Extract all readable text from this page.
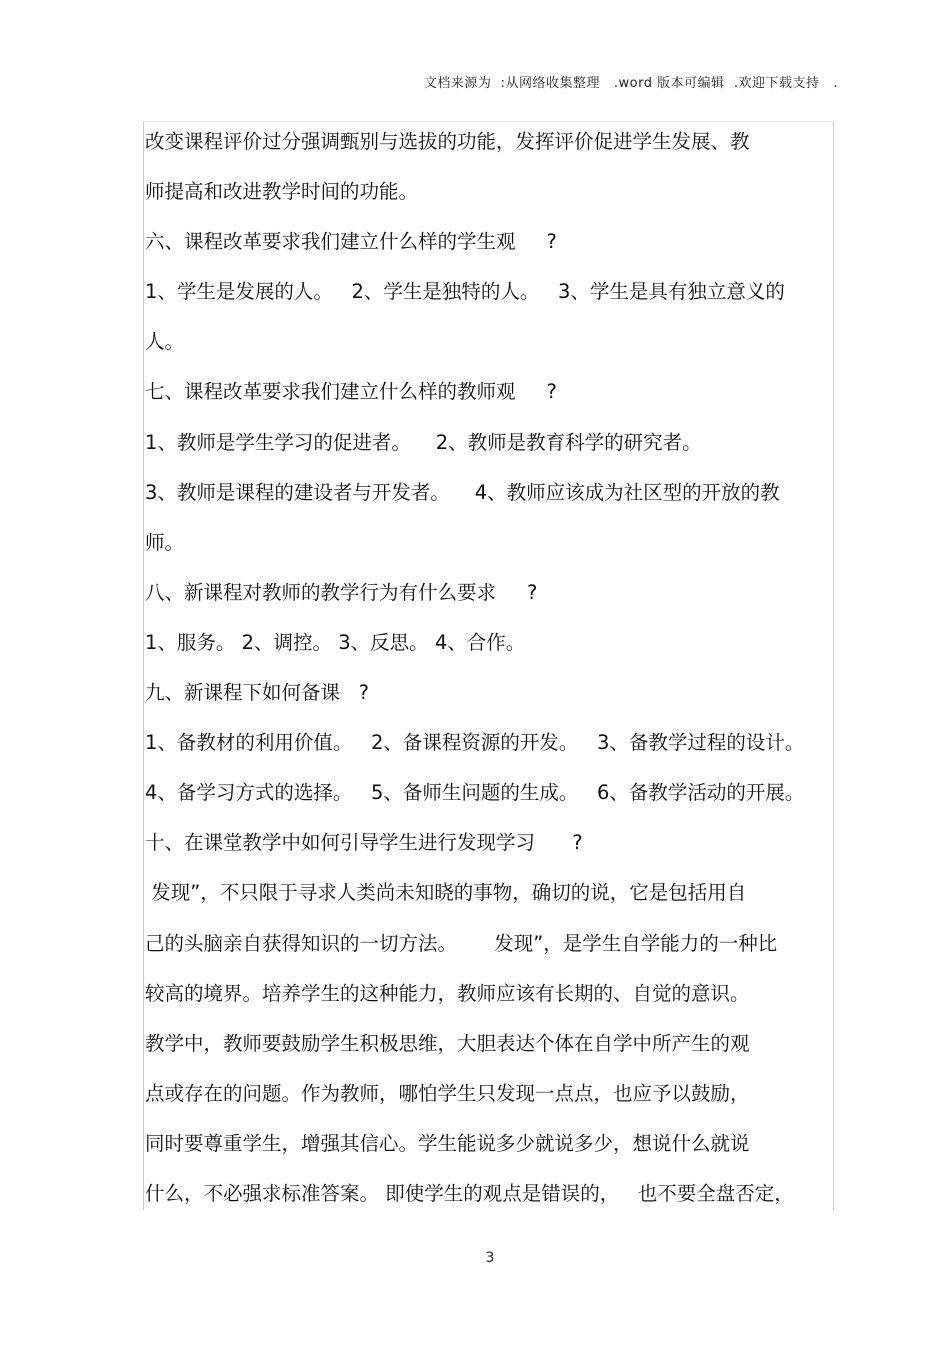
文档来源为  :从网络收集整理   .word 版本可编辑  .欢迎下载支持   .
改变课程评价过分强调甄别与选拔的功能，发挥评价促进学生发展、教
师提高和改进教学时间的功能。
六、课程改革要求我们建立什么样的学生观     ?
1、学生是发展的人。   2、学生是独特的人。   3、学生是具有独立意义的
人。
七、课程改革要求我们建立什么样的教师观     ?
1、教师是学生学习的促进者。    2、教师是教育科学的研究者。
3、教师是课程的建设者与开发者。    4、教师应该成为社区型的开放的教
师。
八、新课程对教师的教学行为有什么要求     ?
1、服务。 2、调控。 3、反思。 4、合作。
九、新课程下如何备课   ?
1、备教材的利用价值。   2、备课程资源的开发。   3、备教学过程的设计。
4、备学习方式的选择。   5、备师生问题的生成。   6、备教学活动的开展。
十、在课堂教学中如何引导学生进行发现学习      ?
发现”，不只限于寻求人类尚未知晓的事物，确切的说，它是包括用自
己的头脑亲自获得知识的一切方法。      发现”，是学生自学能力的一种比
较高的境界。培养学生的这种能力，教师应该有长期的、自觉的意识。
教学中，教师要鼓励学生积极思维，大胆表达个体在自学中所产生的观
点或存在的问题。作为教师，哪怕学生只发现一点点，也应予以鼓励，
同时要尊重学生，增强其信心。学生能说多少就说多少，想说什么就说
什么，不必强求标准答案。 即使学生的观点是错误的，   也不要全盘否定，
3
